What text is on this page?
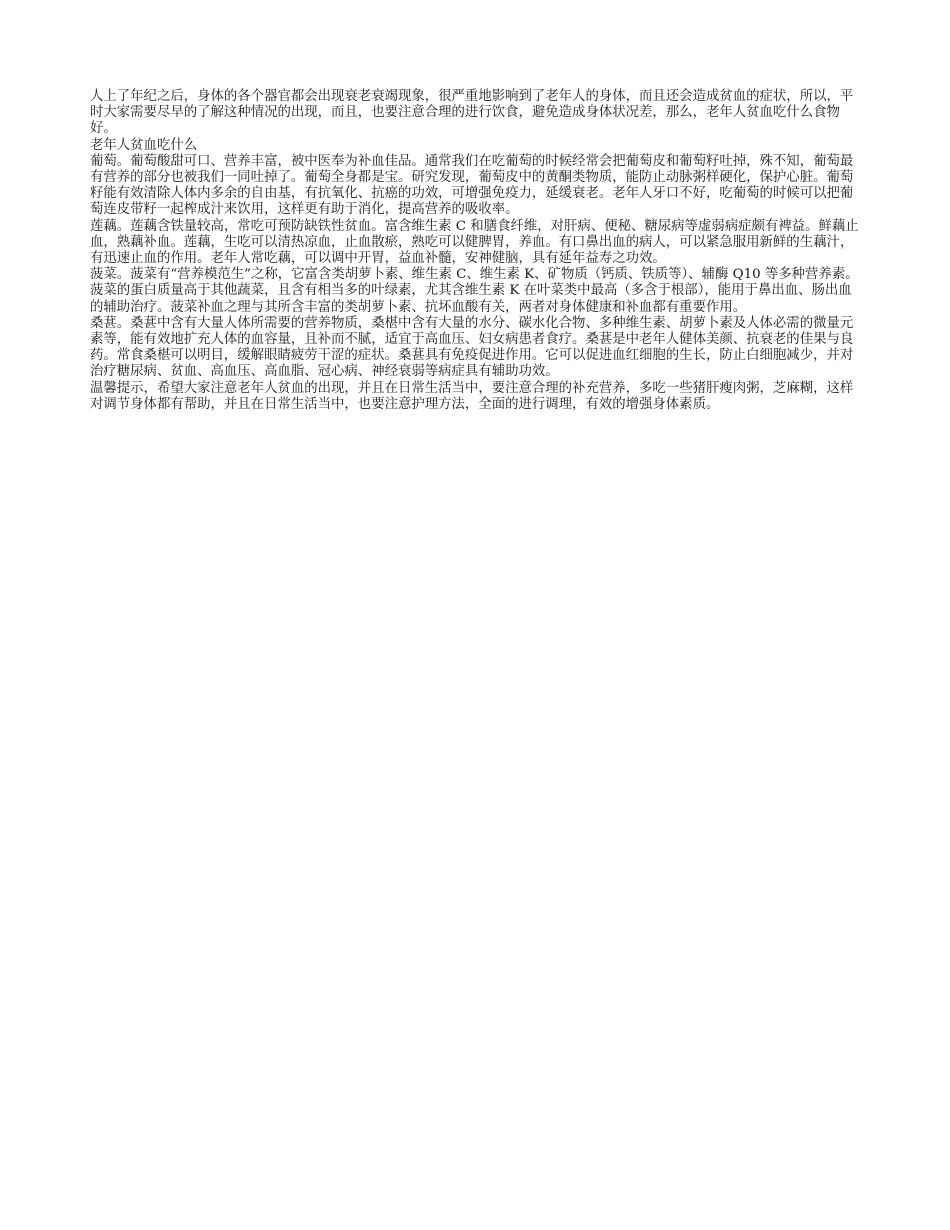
人上了年纪之后，身体的各个器官都会出现衰老衰竭现象，很严重地影响到了老年人的身体，而且还会造成贫血的症状，所以，平时大家需要尽早的了解这种情况的出现，而且，也要注意合理的进行饮食，避免造成身体状况差，那么，老年人贫血吃什么食物好。

老年人贫血吃什么

葡萄。葡萄酸甜可口、营养丰富，被中医奉为补血佳品。通常我们在吃葡萄的时候经常会把葡萄皮和葡萄籽吐掉，殊不知，葡萄最有营养的部分也被我们一同吐掉了。葡萄全身都是宝。研究发现，葡萄皮中的黄酮类物质，能防止动脉粥样硬化，保护心脏。葡萄籽能有效清除人体内多余的自由基，有抗氧化、抗癌的功效，可增强免疫力，延缓衰老。老年人牙口不好，吃葡萄的时候可以把葡萄连皮带籽一起榨成汁来饮用，这样更有助于消化，提高营养的吸收率。

莲藕。莲藕含铁量较高，常吃可预防缺铁性贫血。富含维生素 C 和膳食纤维，对肝病、便秘、糖尿病等虚弱病症颇有裨益。鲜藕止血，熟藕补血。莲藕，生吃可以清热凉血，止血散瘀，熟吃可以健脾胃，养血。有口鼻出血的病人，可以紧急服用新鲜的生藕汁，有迅速止血的作用。老年人常吃藕，可以调中开胃，益血补髓，安神健脑，具有延年益寿之功效。

菠菜。菠菜有“营养模范生”之称，它富含类胡萝卜素、维生素 C、维生素 K、矿物质（钙质、铁质等）、辅酶 Q10 等多种营养素。菠菜的蛋白质量高于其他蔬菜，且含有相当多的叶绿素，尤其含维生素 K 在叶菜类中最高（多含于根部），能用于鼻出血、肠出血的辅助治疗。菠菜补血之理与其所含丰富的类胡萝卜素、抗坏血酸有关，两者对身体健康和补血都有重要作用。

桑葚。桑葚中含有大量人体所需要的营养物质，桑椹中含有大量的水分、碳水化合物、多种维生素、胡萝卜素及人体必需的微量元素等，能有效地扩充人体的血容量，且补而不腻，适宜于高血压、妇女病患者食疗。桑葚是中老年人健体美颜、抗衰老的佳果与良药。常食桑椹可以明目，缓解眼睛疲劳干涩的症状。桑葚具有免疫促进作用。它可以促进血红细胞的生长，防止白细胞减少，并对治疗糖尿病、贫血、高血压、高血脂、冠心病、神经衰弱等病症具有辅助功效。

温馨提示，希望大家注意老年人贫血的出现，并且在日常生活当中，要注意合理的补充营养，多吃一些猪肝瘦肉粥，芝麻糊，这样对调节身体都有帮助，并且在日常生活当中，也要注意护理方法，全面的进行调理，有效的增强身体素质。
